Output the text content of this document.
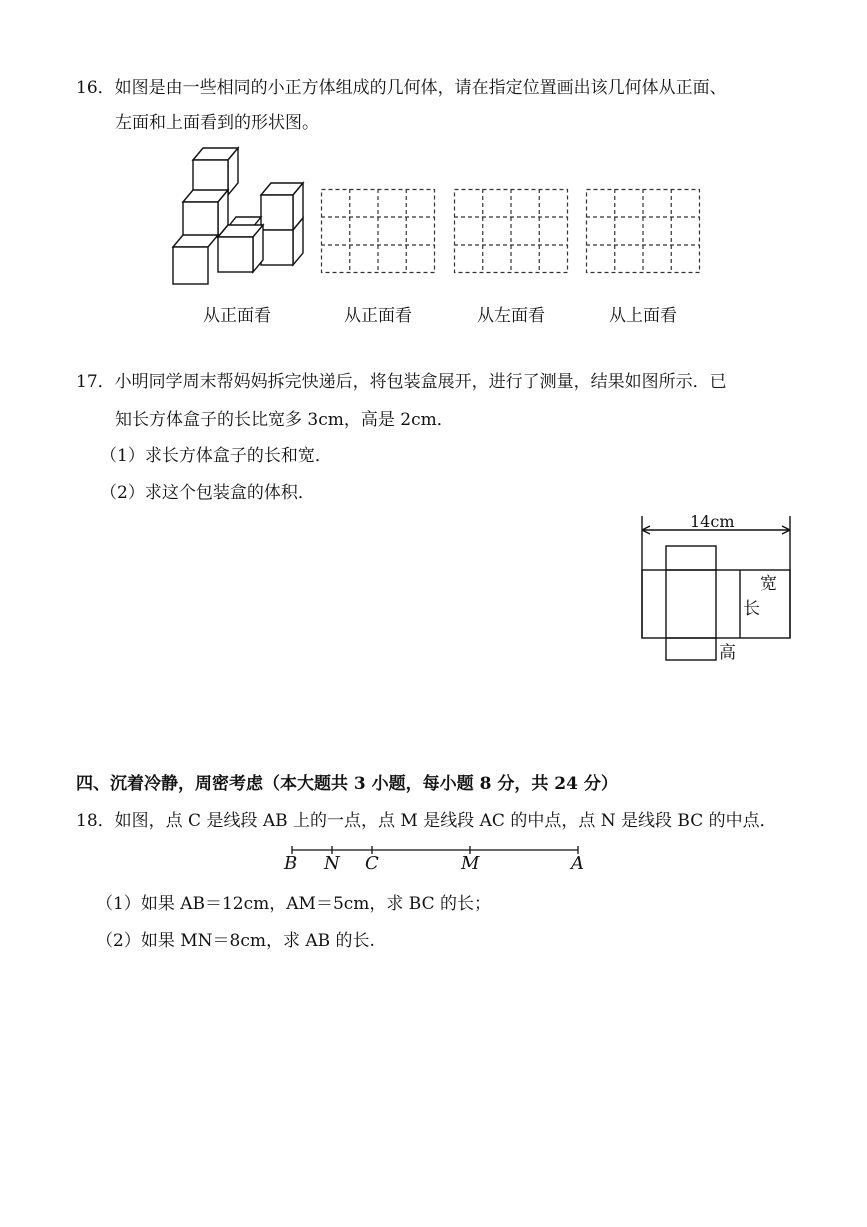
16．如图是由一些相同的小正方体组成的几何体，请在指定位置画出该几何体从正面、
左面和上面看到的形状图。
从正面看	从正面看	从左面看	从上面看
17．小明同学周末帮妈妈拆完快递后，将包装盒展开，进行了测量，结果如图所示．已
知长方体盒子的长比宽多 3cm，高是 2cm．
（1）求长方体盒子的长和宽．
（2）求这个包装盒的体积．
14cm
宽
长
高
四、沉着冷静，周密考虑（本大题共 3 小题，每小题 8 分，共 24 分）
18．如图，点 C 是线段 AB 上的一点，点 M 是线段 AC 的中点，点 N 是线段 BC 的中点．
B N C	M	A
（1）如果 AB＝12cm，AM＝5cm，求 BC 的长；
（2）如果 MN＝8cm，求 AB 的长.
